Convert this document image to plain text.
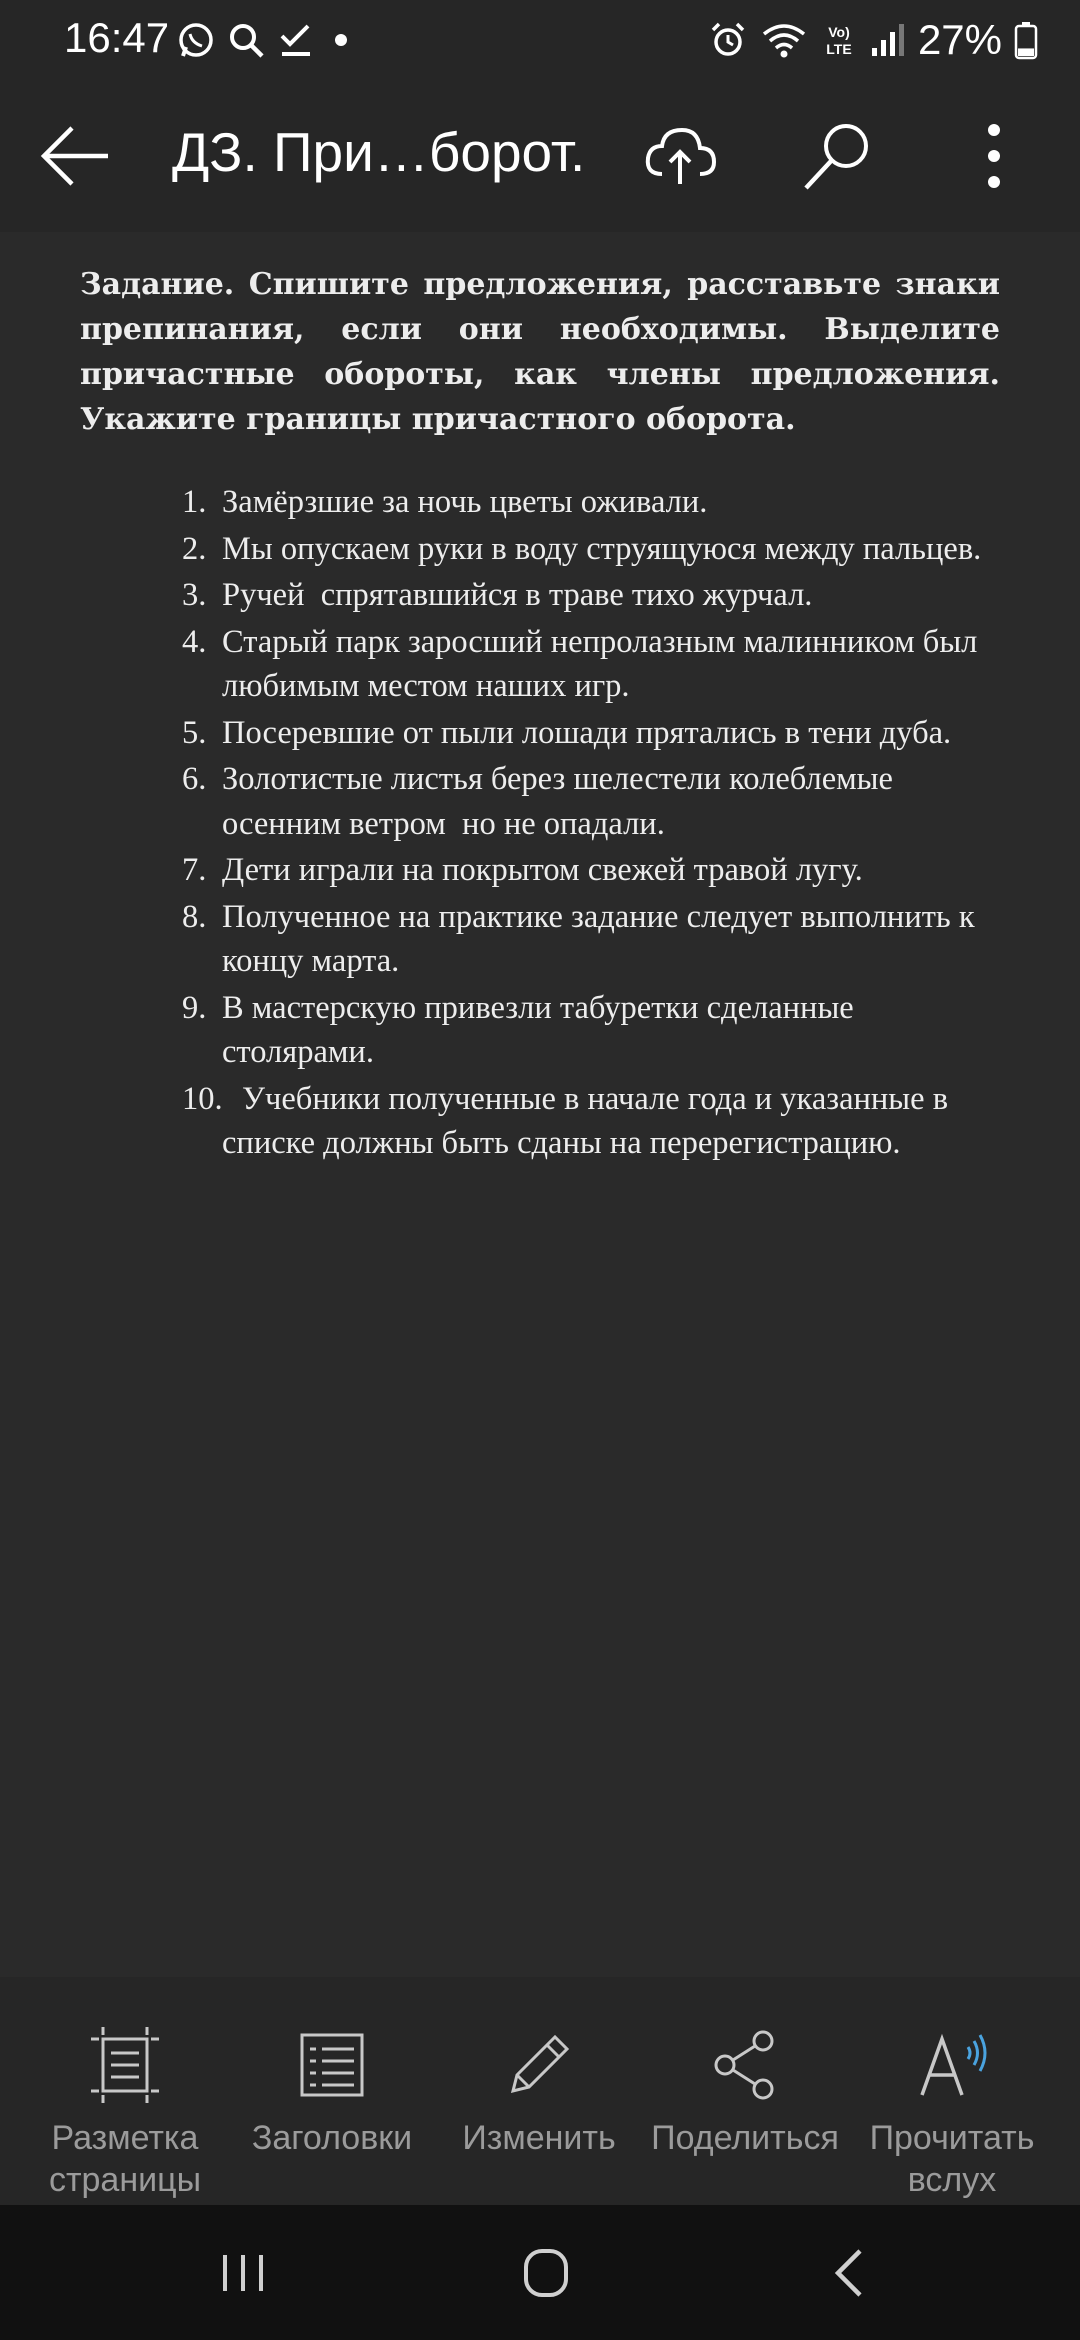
16:47	Vo)
LTE 27%
ДЗ. При…борот.

Задание. Спишите предложения, расставьте знаки препинания, если они необходимы. Выделите причастные обороты, как члены предложения. Укажите границы причастного оборота.

1. Замёрзшие за ночь цветы оживали.
2. Мы опускаем руки в воду струящуюся между пальцев.
3. Ручей  спрятавшийся в траве тихо журчал.
4. Старый парк заросший непролазным малинником был любимым местом наших игр.
5. Посеревшие от пыли лошади прятались в тени дуба.
6. Золотистые листья берез шелестели колеблемые осенним ветром  но не опадали.
7. Дети играли на покрытом свежей травой лугу.
8. Полученное на практике задание следует выполнить к концу марта.
9. В мастерскую привезли табуретки сделанные столярами.
10. Учебники полученные в начале года и указанные в списке должны быть сданы на перерегистрацию.
Разметка страницы
Заголовки	Изменить	Поделиться Прочитать вслух
